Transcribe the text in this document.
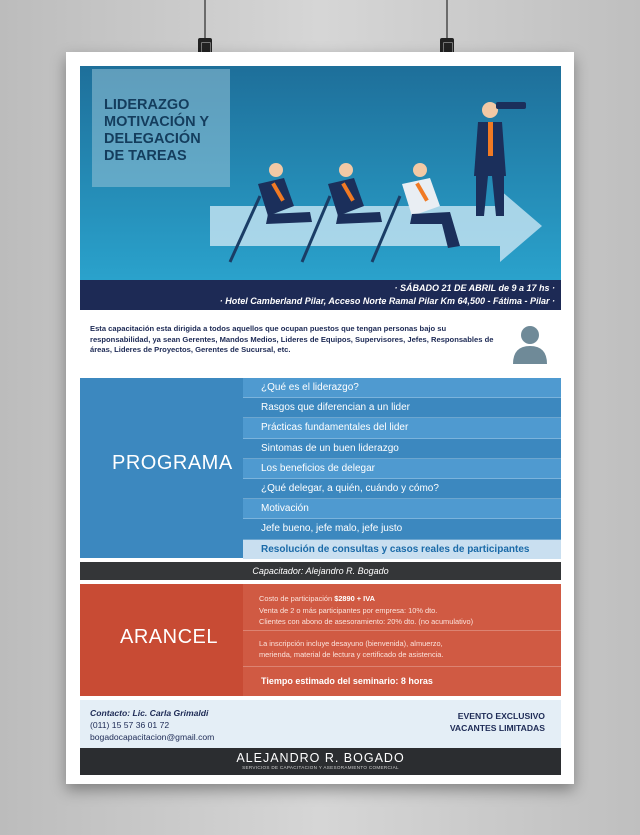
LIDERAZGO
MOTIVACIÓN Y
DELEGACIÓN
DE TAREAS
· SÁBADO 21 DE ABRIL de 9 a 17 hs ·
· Hotel Camberland Pilar, Acceso Norte Ramal Pilar Km 64,500 - Fátima - Pilar ·

Esta capacitación esta dirigida a todos aquellos que ocupan puestos que tengan personas bajo su responsabilidad, ya sean Gerentes, Mandos Medios, Lideres de Equipos, Supervisores, Jefes, Responsables de áreas, Lideres de Proyectos, Gerentes de Sucursal, etc.

PROGRAMA
¿Qué es el liderazgo?
Rasgos que diferencian a un lider
Prácticas fundamentales del lider
Sintomas de un buen liderazgo
Los beneficios de delegar
¿Qué delegar, a quién, cuándo y cómo?
Motivación
Jefe bueno, jefe malo, jefe justo
Resolución de consultas y casos reales de participantes
Capacitador: Alejandro R. Bogado
ARANCEL
Costo de participación $2890 + IVA
Venta de 2 o más participantes por empresa: 10% dto.
Clientes con abono de asesoramiento: 20% dto. (no acumulativo)
La inscripción incluye desayuno (bienvenida), almuerzo,
merienda, material de lectura y certificado de asistencia.
Tiempo estimado del seminario: 8 horas
Contacto: Lic. Carla Grimaldi
(011) 15 57 36 01 72
bogadocapacitacion@gmail.com
EVENTO EXCLUSIVO
VACANTES LIMITADAS
ALEJANDRO R. BOGADO
SERVICIOS DE CAPACITACION Y ASESORAMIENTO COMERCIAL
